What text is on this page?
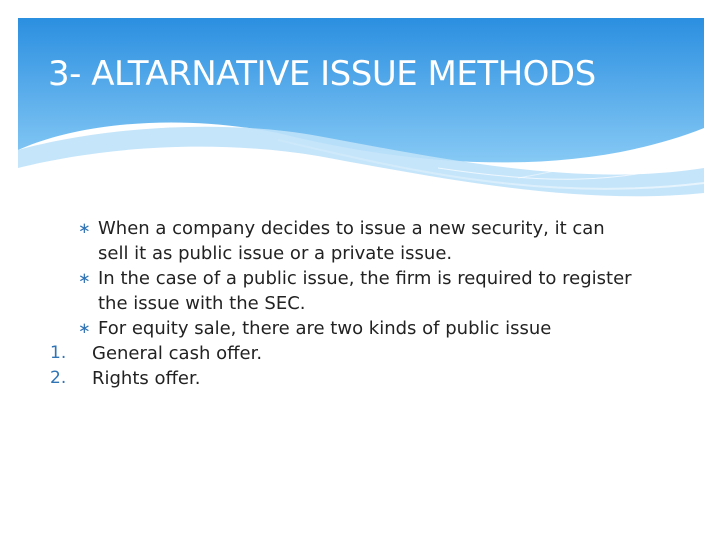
3- ALTARNATIVE ISSUE METHODS
∗ When a company decides to issue a new security, it can sell it as public issue or a private issue.
∗ In the case of a public issue, the firm is required to register the issue with the SEC.
∗ For equity sale, there are two kinds of public issue
1. General cash offer.
2. Rights offer.
